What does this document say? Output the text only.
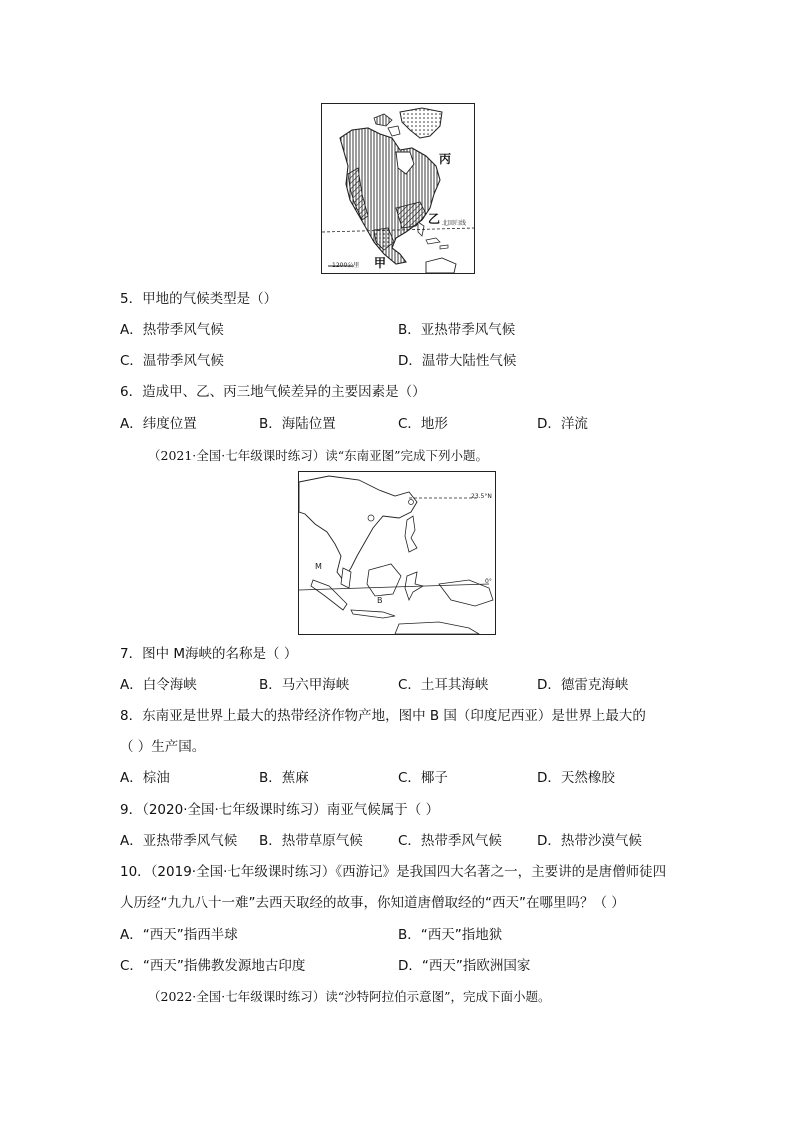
丙
乙
甲
北回归线
1200公里
5．甲地的气候类型是（）
A．热带季风气候	B．亚热带季风气候
C．温带季风气候	D．温带大陆性气候
6．造成甲、乙、丙三地气候差异的主要因素是（）
A．纬度位置	B．海陆位置	C．地形	D．洋流
（2021·全国·七年级课时练习）读“东南亚图”完成下列小题。
23.5°N
0°
M
B
7．图中 M海峡的名称是（ ）
A．白令海峡	B．马六甲海峡	C．土耳其海峡	D．德雷克海峡
8．东南亚是世界上最大的热带经济作物产地，图中 B 国（印度尼西亚）是世界上最大的
（ ）生产国。
A．棕油	B．蕉麻	C．椰子	D．天然橡胶
9．（2020·全国·七年级课时练习）南亚气候属于（ ）
A．亚热带季风气候 B．热带草原气候	C．热带季风气候	D．热带沙漠气候
10．（2019·全国·七年级课时练习）《西游记》是我国四大名著之一，主要讲的是唐僧师徒四
人历经“九九八十一难”去西天取经的故事，你知道唐僧取经的“西天”在哪里吗？（ ）
A．“西天”指西半球	B．“西天”指地狱
C．“西天”指佛教发源地古印度	D．“西天”指欧洲国家
（2022·全国·七年级课时练习）读“沙特阿拉伯示意图”，完成下面小题。
